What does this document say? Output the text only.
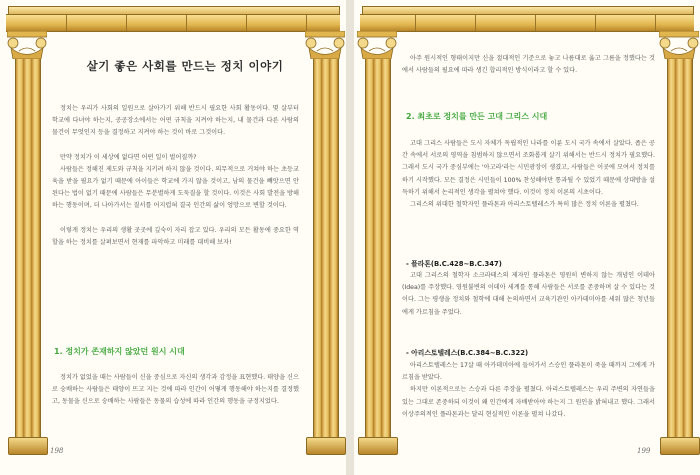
살기 좋은 사회를 만드는 정치 이야기

정치는 우리가 사회의 일원으로 살아가기 위해 반드시 필요한 사회 활동이다. 몇 살부터 학교에 다녀야 하는지, 공공장소에서는 어떤 규칙을 지켜야 하는지, 내 물건과 다른 사람의 물건이 무엇인지 등을 결정하고 지켜야 하는 것이 바로 그것이다.

만약 정치가 이 세상에 없다면 어떤 일이 벌어질까?

사람들은 정해진 제도와 규칙을 지키려 하지 않을 것이다. 의무적으로 거쳐야 하는 초등교육을 받을 필요가 없기 때문에 아이들은 학교에 가지 않을 것이고, 남의 물건을 빼앗으면 안 된다는 법이 없기 때문에 사람들은 무분별하게 도둑질을 할 것이다. 이것은 사회 발전을 방해하는 행동이며, 더 나아가서는 질서를 어지럽혀 결국 인간의 삶이 엉망으로 변할 것이다.

이렇게 정치는 우리의 생활 곳곳에 깊숙이 자리 잡고 있다. 우리의 모든 활동에 중요한 역할을 하는 정치를 살펴보면서 현재를 파악하고 미래를 대비해 보자!

1. 정치가 존재하지 않았던 원시 시대

정치가 없었을 때는 사람들이 신을 중심으로 자신의 생각과 감정을 표현했다. 태양을 신으로 숭배하는 사람들은 태양이 뜨고 지는 것에 따라 인간이 어떻게 행동해야 하는지를 결정했고, 동물을 신으로 숭배하는 사람들은 동물의 습성에 따라 인간의 행동을 규정지었다.

198

아주 원시적인 형태이지만 신을 절대적인 기준으로 놓고 나름대로 옳고 그름을 정했다는 것에서 사람들의 필요에 따라 생긴 합리적인 방식이라고 할 수 있다.

2. 최초로 정치를 만든 고대 그리스 시대

고대 그리스 사람들은 도시 자체가 독립적인 나라를 이룬 도시 국가 속에서 살았다. 좁은 공간 속에서 서로의 영역을 침범하지 않으면서 조화롭게 살기 위해서는 반드시 정치가 필요했다. 그래서 도시 국가 중심부에는 '아고라'라는 시민광장이 생겼고, 사람들은 이곳에 모여서 정치를 하기 시작했다. 모든 결정은 시민들이 100% 찬성해야만 통과될 수 있었기 때문에 상대방을 설득하기 위해서 논리적인 생각을 펼쳐야 했다. 이것이 정치 이론의 시초이다.

그리스의 위대한 철학자인 플라톤과 아리스토텔레스가 특히 많은 정치 이론을 펼쳤다.

- 플라톤(B.C.428~B.C.347)

고대 그리스의 철학자 소크라테스의 제자인 플라톤은 영원히 변하지 않는 개념인 이데아(Idea)를 주장했다. 영원불변의 이데아 세계를 통해 사람들은 서로를 존중하며 살 수 있다는 것이다. 그는 평생을 정치와 철학에 대해 논의하면서 교육기관인 아카데미아를 세워 많은 청년들에게 가르침을 주었다.

- 아리스토텔레스(B.C.384~B.C.322)

아리스토텔레스는 17살 때 아카데미아에 들어가서 스승인 플라톤이 죽을 때까지 그에게 가르침을 받았다.

하지만 이론적으로는 스승과 다른 주장을 펼쳤다. 아리스토텔레스는 우리 주변의 자연들을 있는 그대로 존중하되 이것이 왜 인간에게 자배받아야 하는지 그 원인을 밝혀내고 했다. 그래서 이상주의적인 플라톤과는 달리 현실적인 이론을 펼쳐 나갔다.

199
